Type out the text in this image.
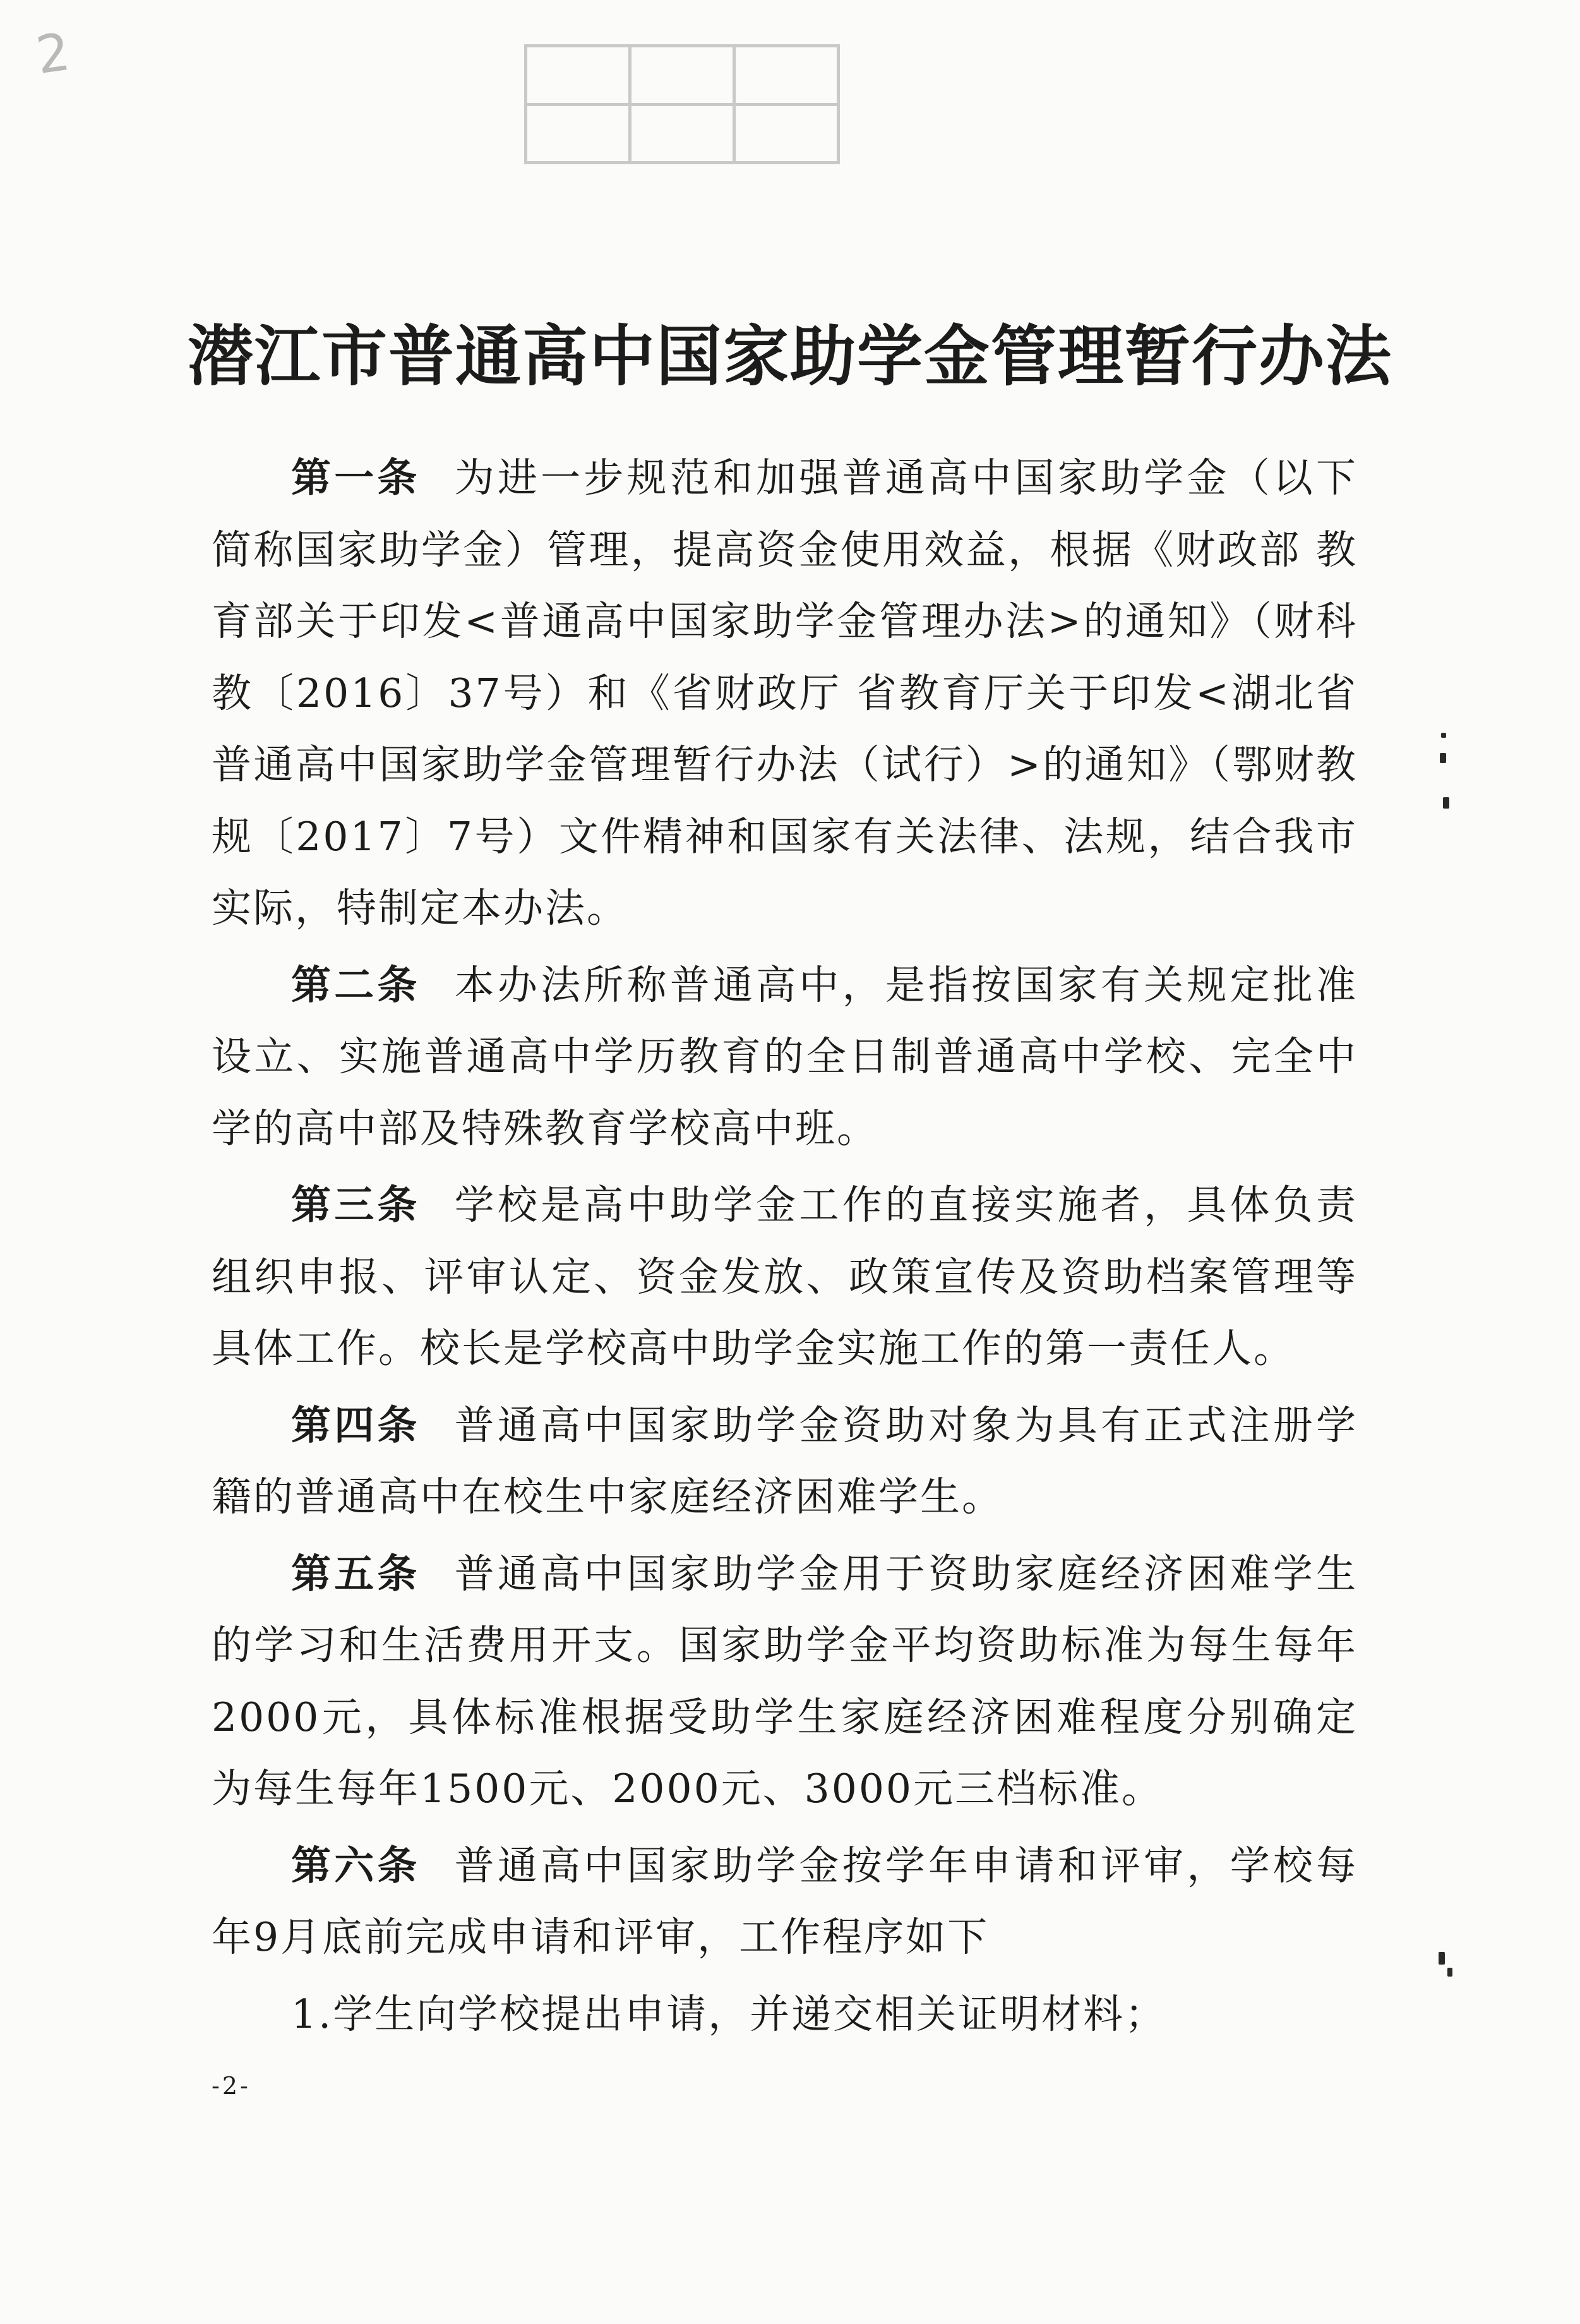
2

潜江市普通高中国家助学金管理暂行办法

第一条 为进一步规范和加强普通高中国家助学金（以下简称国家助学金）管理，提高资金使用效益，根据《财政部 教育部关于印发<普通高中国家助学金管理办法>的通知》（财科教〔2016〕37号）和《省财政厅 省教育厅关于印发<湖北省普通高中国家助学金管理暂行办法（试行）>的通知》（鄂财教规〔2017〕7号）文件精神和国家有关法律、法规，结合我市实际，特制定本办法。

第二条 本办法所称普通高中，是指按国家有关规定批准设立、实施普通高中学历教育的全日制普通高中学校、完全中学的高中部及特殊教育学校高中班。

第三条 学校是高中助学金工作的直接实施者，具体负责组织申报、评审认定、资金发放、政策宣传及资助档案管理等具体工作。校长是学校高中助学金实施工作的第一责任人。

第四条 普通高中国家助学金资助对象为具有正式注册学籍的普通高中在校生中家庭经济困难学生。

第五条 普通高中国家助学金用于资助家庭经济困难学生的学习和生活费用开支。国家助学金平均资助标准为每生每年2000元，具体标准根据受助学生家庭经济困难程度分别确定为每生每年1500元、2000元、3000元三档标准。

第六条 普通高中国家助学金按学年申请和评审，学校每年9月底前完成申请和评审，工作程序如下

1.学生向学校提出申请，并递交相关证明材料；

-2-
